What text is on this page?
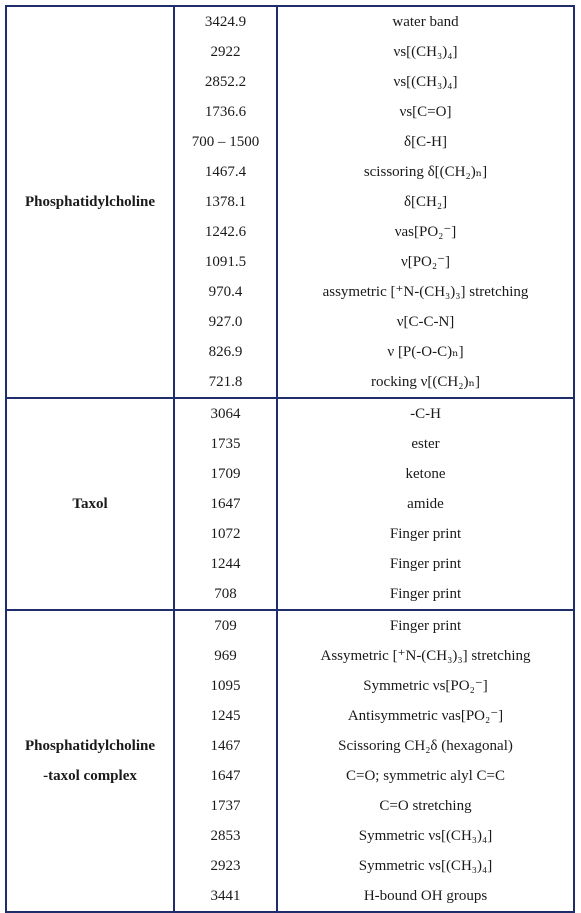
Phosphatidylcholine
3424.9	water band
2922	νs[(CH₃)₄]
2852.2	νs[(CH₃)₄]
1736.6	νs[C=O]
700 – 1500	δ[C-H]
1467.4	scissoring δ[(CH₂)ₙ]
1378.1	δ[CH₂]
1242.6	νas[PO₂⁻]
1091.5	ν[PO₂⁻]
970.4	assymetric [⁺N-(CH₃)₃] stretching
927.0	ν[C-C-N]
826.9	ν [P(-O-C)ₙ]
721.8	rocking ν[(CH₂)ₙ]
Taxol
3064	-C-H
1735	ester
1709	ketone
1647	amide
1072	Finger print
1244	Finger print
708	Finger print
Phosphatidylcholine
-taxol complex
709	Finger print
969	Assymetric [⁺N-(CH₃)₃] stretching
1095	Symmetric νs[PO₂⁻]
1245	Antisymmetric νas[PO₂⁻]
1467	Scissoring CH₂δ (hexagonal)
1647	C=O; symmetric alyl C=C
1737	C=O stretching
2853	Symmetric νs[(CH₃)₄]
2923	Symmetric νs[(CH₃)₄]
3441	H-bound OH groups
